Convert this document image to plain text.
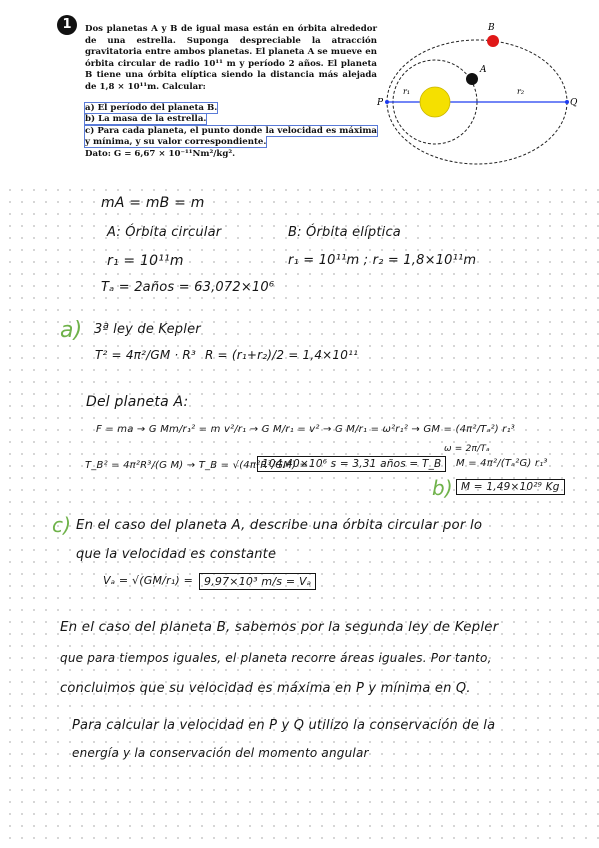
1	Dos planetas A y B de igual masa están en órbita alrededor de una estrella. Suponga despreciable la atracción gravitatoria entre ambos planetas. El planeta A se mueve en órbita circular de radio 10¹¹ m y período 2 años. El planeta B tiene una órbita elíptica siendo la distancia más alejada de 1,8 × 10¹¹m. Calcular:

a) El período del planeta B.

b) La masa de la estrella.

c) Para cada planeta, el punto donde la velocidad es máxima y mínima, y su valor correspondiente.

Dato: G = 6,67 × 10⁻¹¹Nm²/kg².

B
A
P	Q
r₁	r₂
mA = mB = m
A: Órbita circular	B: Órbita elíptica
r₁ = 10¹¹m	r₁ = 10¹¹m ; r₂ = 1,8×10¹¹m
Tₐ = 2años = 63,072×10⁶
a) 3ª ley de Kepler
T² = 4π²/GM · R³ R = (r₁+r₂)/2 = 1,4×10¹¹
Del planeta A:
F = ma → G Mm/r₁² = m v²/r₁ → G M/r₁ = v² → G M/r₁ = ω²r₁² → GM = (4π²/Tₐ²) r₁³
ω = 2π/Tₐ
T_B² = 4π²R³/(G M) → T_B = √(4π²R³/GM) =
104,40×10⁶ s = 3,31 años = T_B	M = 4π²/(Tₐ²G) r₁³
b) M = 1,49×10²⁹ Kg
c) En el caso del planeta A, describe una órbita circular por lo
que la velocidad es constante
Vₐ = √(GM/r₁) = 9,97×10³ m/s = Vₐ
En el caso del planeta B, sabemos por la segunda ley de Kepler
que para tiempos iguales, el planeta recorre áreas iguales. Por tanto,
concluimos que su velocidad es máxima en P y mínima en Q.
Para calcular la velocidad en P y Q utilizo la conservación de la
energía y la conservación del momento angular
